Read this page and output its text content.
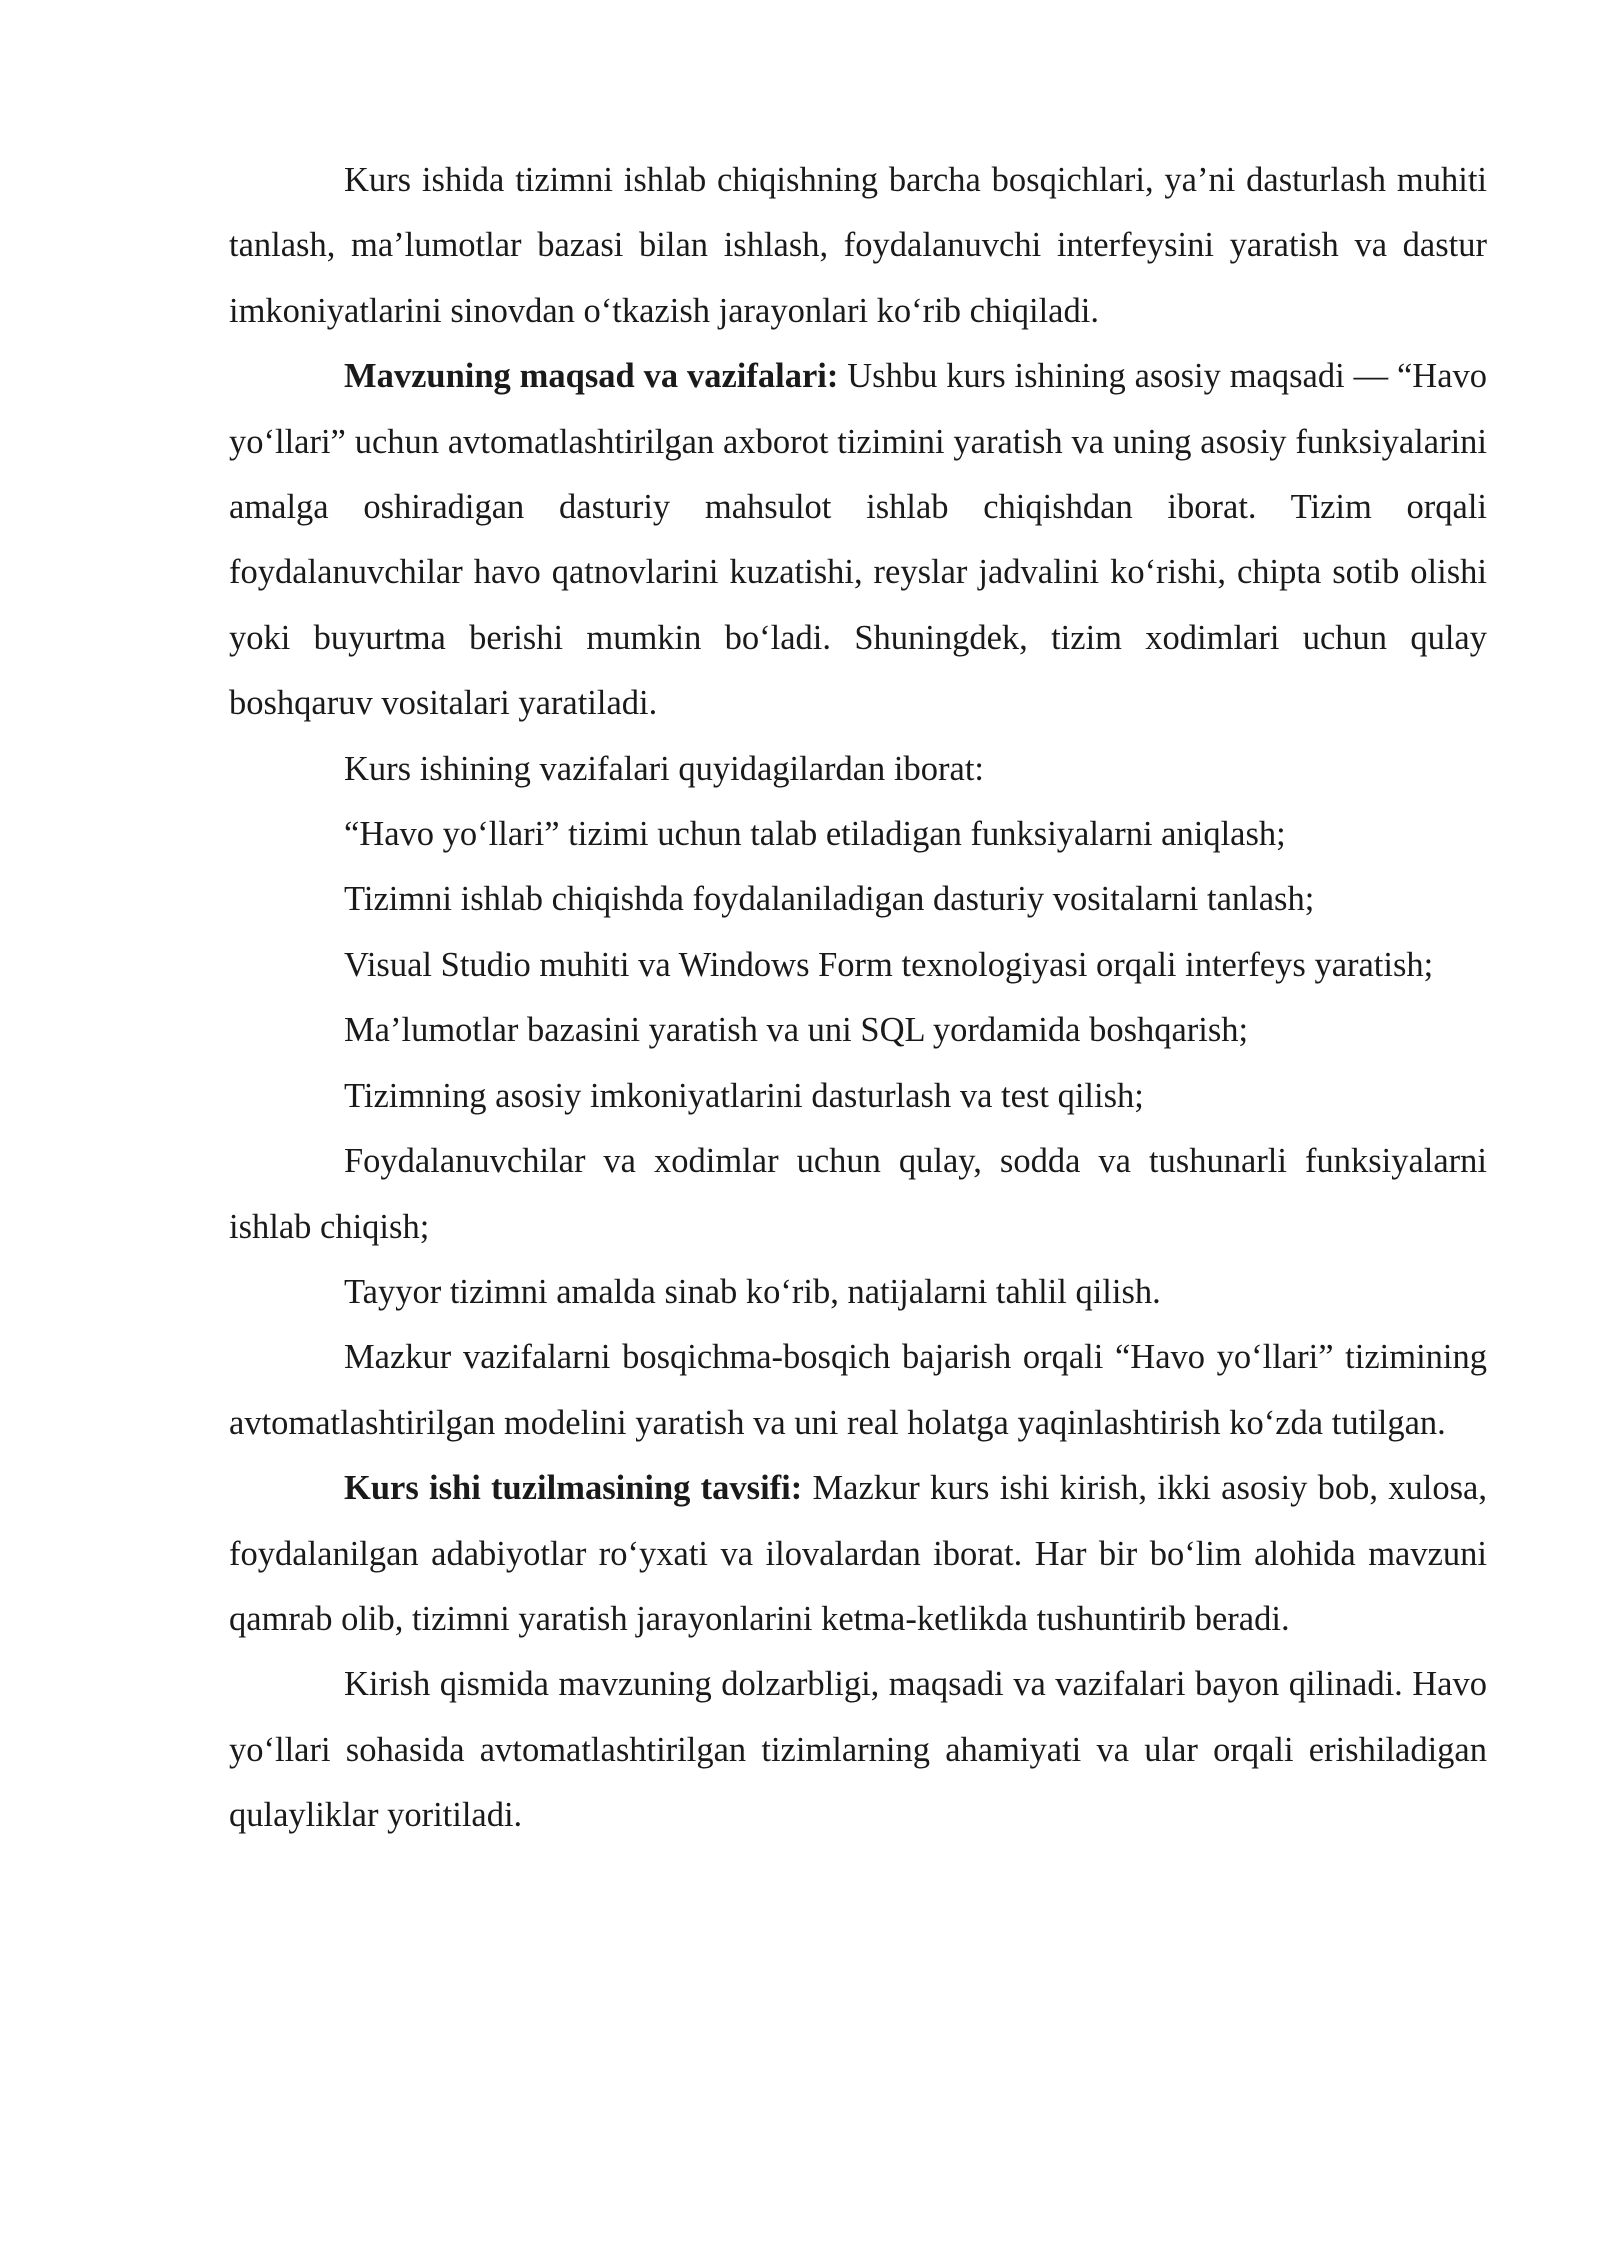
Kurs ishida tizimni ishlab chiqishning barcha bosqichlari, ya’ni dasturlash muhiti tanlash, ma’lumotlar bazasi bilan ishlash, foydalanuvchi interfeysini yaratish va dastur imkoniyatlarini sinovdan o‘tkazish jarayonlari ko‘rib chiqiladi.

Mavzuning maqsad va vazifalari: Ushbu kurs ishining asosiy maqsadi — “Havo yo‘llari” uchun avtomatlashtirilgan axborot tizimini yaratish va uning asosiy funksiyalarini amalga oshiradigan dasturiy mahsulot ishlab chiqishdan iborat. Tizim orqali foydalanuvchilar havo qatnovlarini kuzatishi, reyslar jadvalini ko‘rishi, chipta sotib olishi yoki buyurtma berishi mumkin bo‘ladi. Shuningdek, tizim xodimlari uchun qulay boshqaruv vositalari yaratiladi.

Kurs ishining vazifalari quyidagilardan iborat:

“Havo yo‘llari” tizimi uchun talab etiladigan funksiyalarni aniqlash;

Tizimni ishlab chiqishda foydalaniladigan dasturiy vositalarni tanlash;

Visual Studio muhiti va Windows Form texnologiyasi orqali interfeys yaratish;

Ma’lumotlar bazasini yaratish va uni SQL yordamida boshqarish;

Tizimning asosiy imkoniyatlarini dasturlash va test qilish;

Foydalanuvchilar va xodimlar uchun qulay, sodda va tushunarli funksiyalarni ishlab chiqish;

Tayyor tizimni amalda sinab ko‘rib, natijalarni tahlil qilish.

Mazkur vazifalarni bosqichma-bosqich bajarish orqali “Havo yo‘llari” tizimining avtomatlashtirilgan modelini yaratish va uni real holatga yaqinlashtirish ko‘zda tutilgan.

Kurs ishi tuzilmasining tavsifi: Mazkur kurs ishi kirish, ikki asosiy bob, xulosa, foydalanilgan adabiyotlar ro‘yxati va ilovalardan iborat. Har bir bo‘lim alohida mavzuni qamrab olib, tizimni yaratish jarayonlarini ketma-ketlikda tushuntirib beradi.

Kirish qismida mavzuning dolzarbligi, maqsadi va vazifalari bayon qilinadi. Havo yo‘llari sohasida avtomatlashtirilgan tizimlarning ahamiyati va ular orqali erishiladigan qulayliklar yoritiladi.
